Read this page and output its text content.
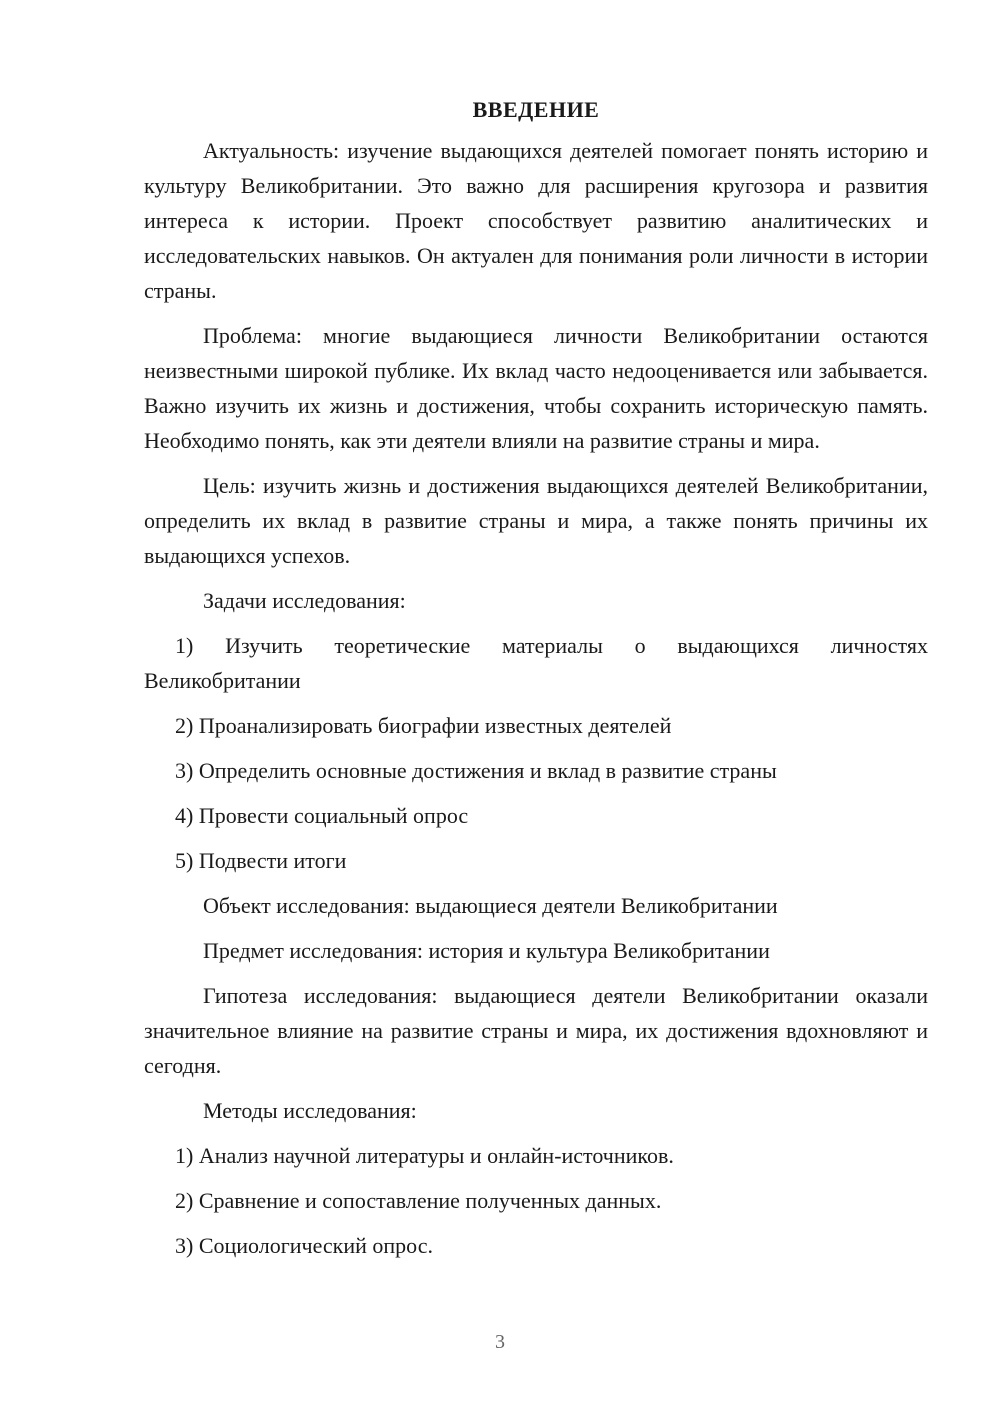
ВВЕДЕНИЕ

Актуальность: изучение выдающихся деятелей помогает понять историю и культуру Великобритании. Это важно для расширения кругозора и развития интереса к истории. Проект способствует развитию аналитических и исследовательских навыков. Он актуален для понимания роли личности в истории страны.

Проблема: многие выдающиеся личности Великобритании остаются неизвестными широкой публике. Их вклад часто недооценивается или забывается. Важно изучить их жизнь и достижения, чтобы сохранить историческую память. Необходимо понять, как эти деятели влияли на развитие страны и мира.

Цель: изучить жизнь и достижения выдающихся деятелей Великобритании, определить их вклад в развитие страны и мира, а также понять причины их выдающихся успехов.

Задачи исследования:

1) Изучить теоретические материалы о выдающихся личностях Великобритании

2) Проанализировать биографии известных деятелей

3) Определить основные достижения и вклад в развитие страны

4) Провести социальный опрос

5) Подвести итоги

Объект исследования: выдающиеся деятели Великобритании

Предмет исследования: история и культура Великобритании

Гипотеза исследования: выдающиеся деятели Великобритании оказали значительное влияние на развитие страны и мира, их достижения вдохновляют и сегодня.

Методы исследования:

1) Анализ научной литературы и онлайн-источников.

2) Сравнение и сопоставление полученных данных.

3) Социологический опрос.

3
